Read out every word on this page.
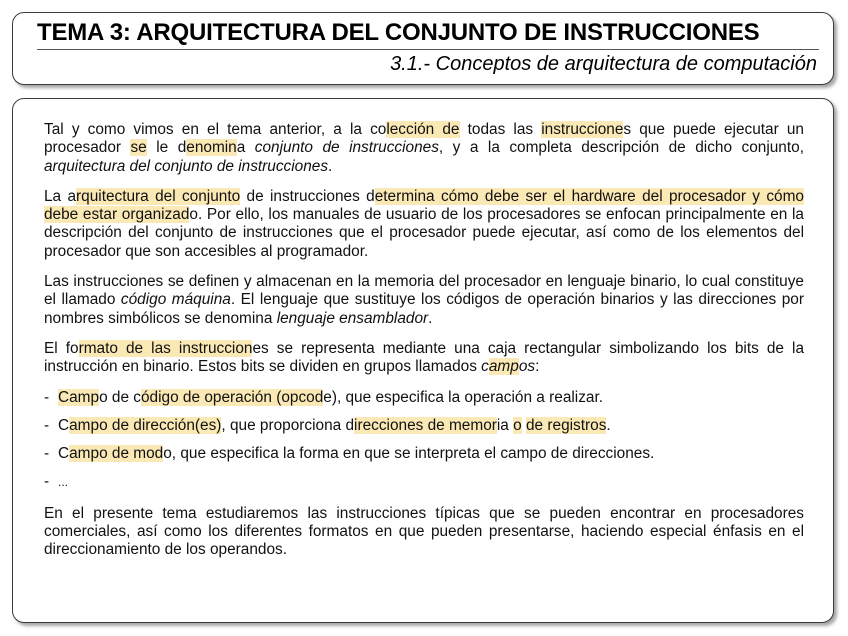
TEMA 3: ARQUITECTURA DEL CONJUNTO DE INSTRUCCIONES
3.1.- Conceptos de arquitectura de computación

Tal y como vimos en el tema anterior, a la colección de todas las instrucciones que puede ejecutar un procesador se le denomina conjunto de instrucciones, y a la completa descripción de dicho conjunto, arquitectura del conjunto de instrucciones.

La arquitectura del conjunto de instrucciones determina cómo debe ser el hardware del procesador y cómo debe estar organizado. Por ello, los manuales de usuario de los procesadores se enfocan principalmente en la descripción del conjunto de instrucciones que el procesador puede ejecutar, así como de los elementos del procesador que son accesibles al programador.

Las instrucciones se definen y almacenan en la memoria del procesador en lenguaje binario, lo cual constituye el llamado código máquina. El lenguaje que sustituye los códigos de operación binarios y las direcciones por nombres simbólicos se denomina lenguaje ensamblador.

El formato de las instrucciones se representa mediante una caja rectangular simbolizando los bits de la instrucción en binario. Estos bits se dividen en grupos llamados campos:

- Campo de código de operación (opcode), que especifica la operación a realizar.
- Campo de dirección(es), que proporciona direcciones de memoria o de registros.
- Campo de modo, que especifica la forma en que se interpreta el campo de direcciones.
- ...

En el presente tema estudiaremos las instrucciones típicas que se pueden encontrar en procesadores comerciales, así como los diferentes formatos en que pueden presentarse, haciendo especial énfasis en el direccionamiento de los operandos.
